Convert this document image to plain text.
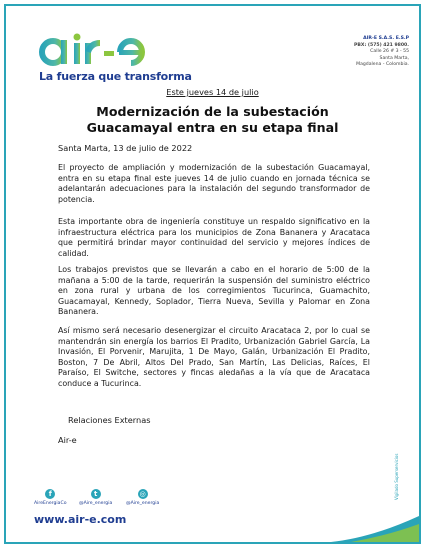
La fuerza que transforma
AIR-E S.A.S. E.S.P
PBX: (575) 421 9800.
Calle 26 # 3 - 55
Santa Marta,
Magdalena - Colombia.
Este jueves 14 de julio
Modernización de la subestación
Guacamayal entra en su etapa final
Santa Marta, 13 de julio de 2022
El proyecto de ampliación y modernización de la subestación Guacamayal, entra en su etapa final este jueves 14 de julio cuando en jornada técnica se adelantarán adecuaciones para la instalación del segundo transformador de potencia.
Esta importante obra de ingeniería constituye un respaldo significativo en la infraestructura eléctrica para los municipios de Zona Bananera y Aracataca que permitirá brindar mayor continuidad del servicio y mejores índices de calidad.
Los trabajos previstos que se llevarán a cabo en el horario de 5:00 de la mañana a 5:00 de la tarde, requerirán la suspensión del suministro eléctrico en zona rural y urbana de los corregimientos Tucurinca, Guamachito, Guacamayal, Kennedy, Soplador, Tierra Nueva, Sevilla y Palomar en Zona Bananera.
Así mismo será necesario desenergizar el circuito Aracataca 2, por lo cual se mantendrán sin energía los barrios El Pradito, Urbanización Gabriel García, La Invasión, El Porvenir, Marujita, 1 De Mayo, Galán, Urbanización El Pradito, Boston, 7 De Abril, Altos Del Prado, San Martín, Las Delicias, Raíces, El Paraíso, El Switche, sectores y fincas aledañas a la vía que de Aracataca conduce a Tucurinca.
Relaciones Externas
Air-e
f
AireEnergiaCo
t
@Aire_energia
◎
@Aire_energia
www.air-e.com
Vigilado Superservicios
